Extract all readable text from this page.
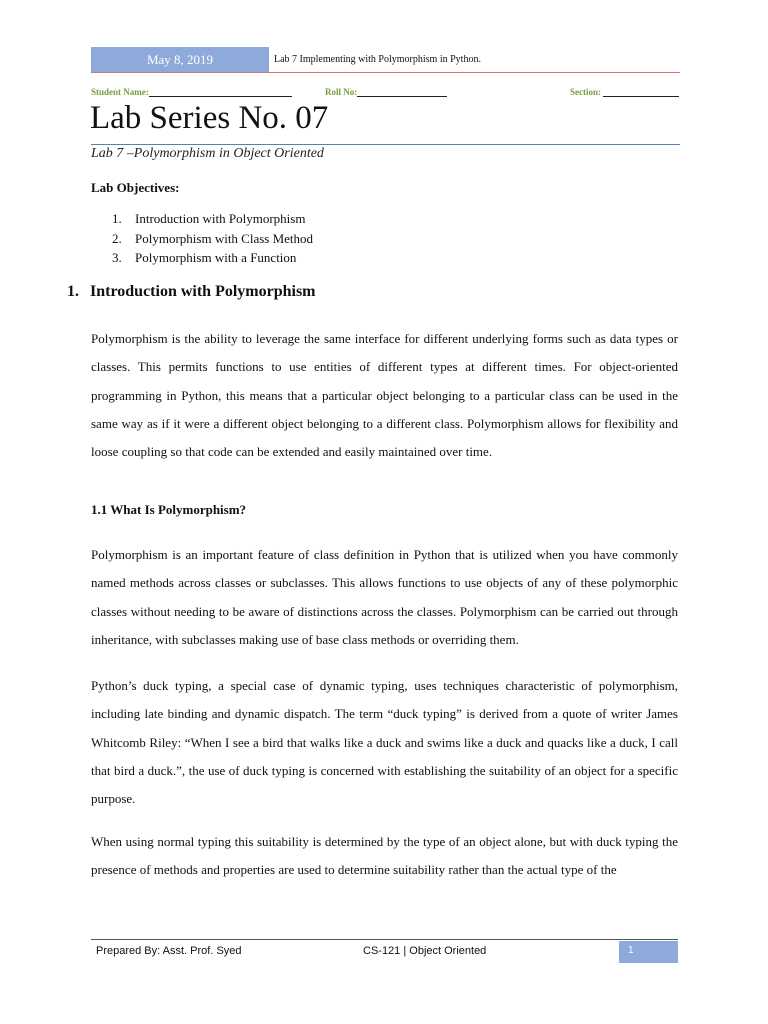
May 8, 2019	Lab 7 Implementing with Polymorphism in Python.
Student Name:	Roll No:	Section:
Lab Series No. 07
Lab 7 –Polymorphism in Object Oriented
Lab Objectives:
1. Introduction with Polymorphism
2. Polymorphism with Class Method
3. Polymorphism with a Function
1. Introduction with Polymorphism

Polymorphism is the ability to leverage the same interface for different underlying forms such as data types or classes. This permits functions to use entities of different types at different times. For object-oriented programming in Python, this means that a particular object belonging to a particular class can be used in the same way as if it were a different object belonging to a different class. Polymorphism allows for flexibility and loose coupling so that code can be extended and easily maintained over time.

1.1 What Is Polymorphism?

Polymorphism is an important feature of class definition in Python that is utilized when you have commonly named methods across classes or subclasses. This allows functions to use objects of any of these polymorphic classes without needing to be aware of distinctions across the classes. Polymorphism can be carried out through inheritance, with subclasses making use of base class methods or overriding them.

Python’s duck typing, a special case of dynamic typing, uses techniques characteristic of polymorphism, including late binding and dynamic dispatch. The term “duck typing” is derived from a quote of writer James Whitcomb Riley: “When I see a bird that walks like a duck and swims like a duck and quacks like a duck, I call that bird a duck.”, the use of duck typing is concerned with establishing the suitability of an object for a specific purpose.

When using normal typing this suitability is determined by the type of an object alone, but with duck typing the presence of methods and properties are used to determine suitability rather than the actual type of the

Prepared By: Asst. Prof. Syed	CS-121 | Object Oriented	1
